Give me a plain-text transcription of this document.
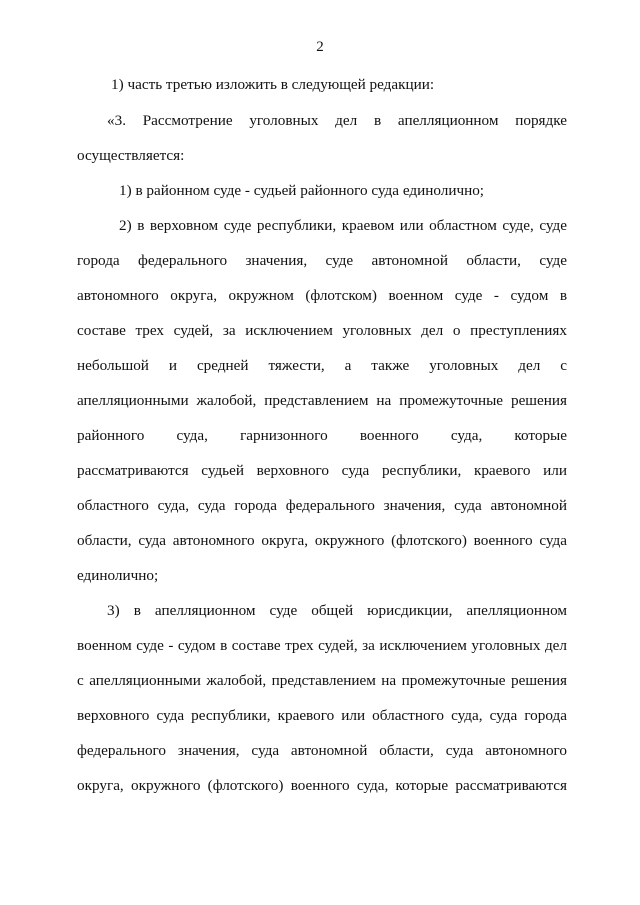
2
1) часть третью изложить в следующей редакции:
«3. Рассмотрение уголовных дел в апелляционном порядке
осуществляется:
1) в районном суде - судьей районного суда единолично;
2) в верховном суде республики, краевом или областном суде, суде
города федерального значения, суде автономной области, суде
автономного округа, окружном (флотском) военном суде - судом в
составе трех судей, за исключением уголовных дел о преступлениях
небольшой и средней тяжести, а также уголовных дел с
апелляционными жалобой, представлением на промежуточные решения
районного суда, гарнизонного военного суда, которые
рассматриваются судьей верховного суда республики, краевого или
областного суда, суда города федерального значения, суда автономной
области, суда автономного округа, окружного (флотского) военного суда
единолично;
3) в апелляционном суде общей юрисдикции, апелляционном
военном суде - судом в составе трех судей, за исключением уголовных дел
с апелляционными жалобой, представлением на промежуточные решения
верховного суда республики, краевого или областного суда, суда города
федерального значения, суда автономной области, суда автономного
округа, окружного (флотского) военного суда, которые рассматриваются
